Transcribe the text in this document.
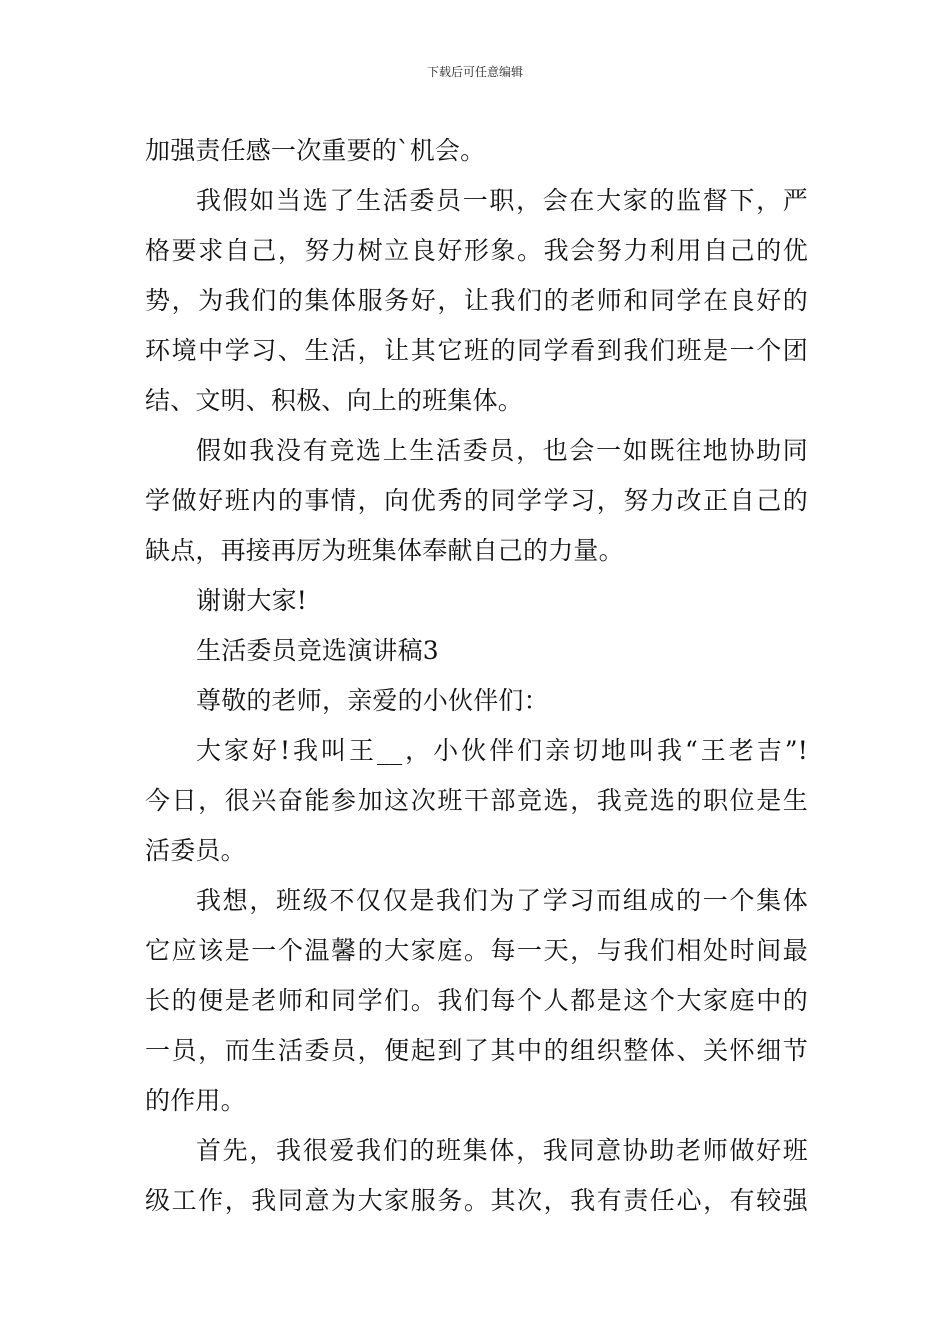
下载后可任意编辑
加强责任感一次重要的`机会。
我假如当选了生活委员一职，会在大家的监督下，严
格要求自己，努力树立良好形象。我会努力利用自己的优
势，为我们的集体服务好，让我们的老师和同学在良好的
环境中学习、生活，让其它班的同学看到我们班是一个团
结、文明、积极、向上的班集体。
假如我没有竞选上生活委员，也会一如既往地协助同
学做好班内的事情，向优秀的同学学习，努力改正自己的
缺点，再接再厉为班集体奉献自己的力量。
谢谢大家!
生活委员竞选演讲稿3
尊敬的老师，亲爱的小伙伴们：
大家好!我叫王__，小伙伴们亲切地叫我“王老吉”!
今日，很兴奋能参加这次班干部竞选，我竞选的职位是生
活委员。
我想，班级不仅仅是我们为了学习而组成的一个集体
它应该是一个温馨的大家庭。每一天，与我们相处时间最
长的便是老师和同学们。我们每个人都是这个大家庭中的
一员，而生活委员，便起到了其中的组织整体、关怀细节
的作用。
首先，我很爱我们的班集体，我同意协助老师做好班
级工作，我同意为大家服务。其次，我有责任心，有较强
